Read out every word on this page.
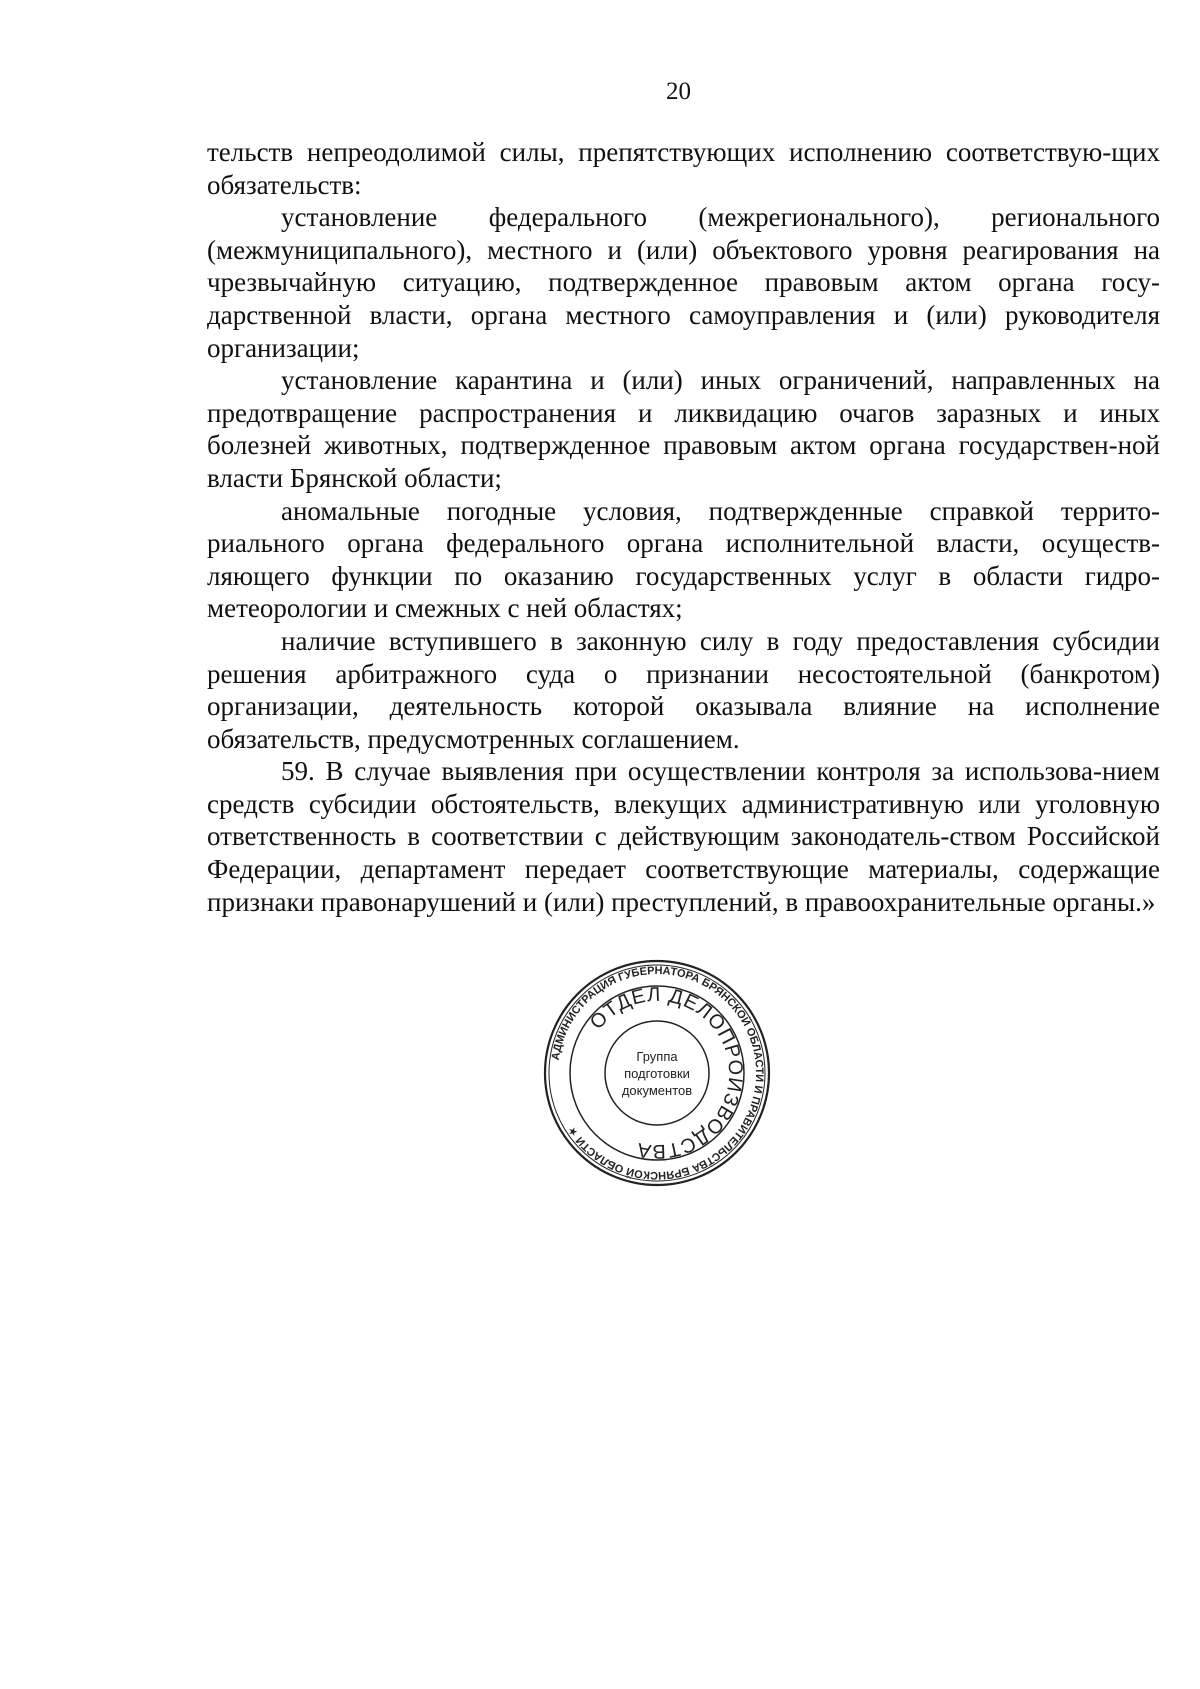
20

тельств непреодолимой силы, препятствующих исполнению соответствую-щих обязательств:

установление федерального (межрегионального), регионального (межмуниципального), местного и (или) объектового уровня реагирования на чрезвычайную ситуацию, подтвержденное правовым актом органа госу-дарственной власти, органа местного самоуправления и (или) руководителя организации;

установление карантина и (или) иных ограничений, направленных на предотвращение распространения и ликвидацию очагов заразных и иных болезней животных, подтвержденное правовым актом органа государствен-ной власти Брянской области;

аномальные погодные условия, подтвержденные справкой террито-риального органа федерального органа исполнительной власти, осуществ-ляющего функции по оказанию государственных услуг в области гидро-метеорологии и смежных с ней областях;

наличие вступившего в законную силу в году предоставления субсидии решения арбитражного суда о признании несостоятельной (банкротом) организации, деятельность которой оказывала влияние на исполнение обязательств, предусмотренных соглашением.

59. В случае выявления при осуществлении контроля за использова-нием средств субсидии обстоятельств, влекущих административную или уголовную ответственность в соответствии с действующим законодатель-ством Российской Федерации, департамент передает соответствующие материалы, содержащие признаки правонарушений и (или) преступлений, в правоохранительные органы.»

АДМИНИСТРАЦИЯ ГУБЕРНАТОРА БРЯНСКОЙ ОБЛАСТИ И ПРАВИТЕЛЬСТВА БРЯНСКОЙ ОБЛАСТИ ★
ОТДЕЛ ДЕЛОПРОИЗВОДСТВА
Группа
подготовки
документов
